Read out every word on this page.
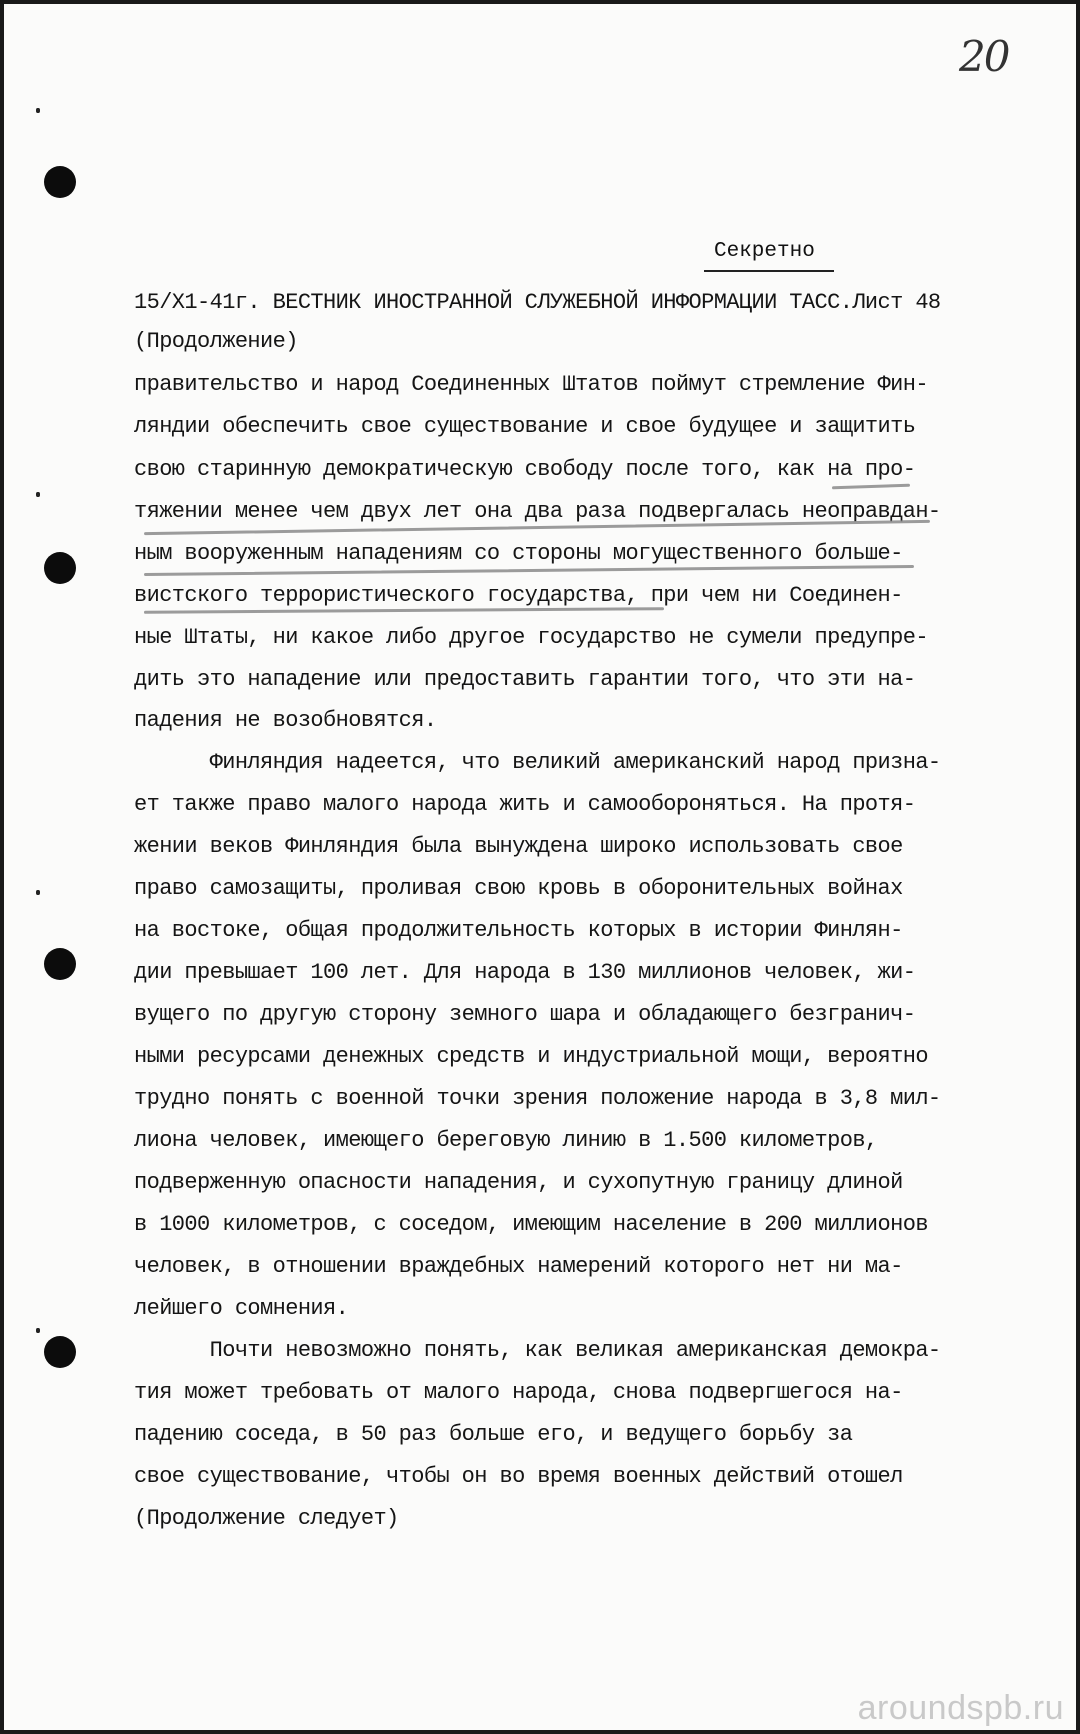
20
Секретно
15/Х1-41г. ВЕСТНИК ИНОСТРАННОЙ СЛУЖЕБНОЙ ИНФОРМАЦИИ ТАСС.Лист 48
(Продолжение)
правительство и народ Соединенных Штатов поймут стремление Фин-
ляндии обеспечить свое существование и свое будущее и защитить
свою старинную демократическую свободу после того, как на про-
тяжении менее чем двух лет она два раза подвергалась неоправдан-
ным вооруженным нападениям со стороны могущественного больше-
вистского террористического государства, при чем ни Соединен-
ные Штаты, ни какое либо другое государство не сумели предупре-
дить это нападение или предоставить гарантии того, что эти на-
падения не возобновятся.
Финляндия надеется, что великий американский народ призна-
ет также право малого народа жить и самообороняться. На протя-
жении веков Финляндия была вынуждена широко использовать свое
право самозащиты, проливая свою кровь в оборонительных войнах
на востоке, общая продолжительность которых в истории Финлян-
дии превышает 100 лет. Для народа в 130 миллионов человек, жи-
вущего по другую сторону земного шара и обладающего безгранич-
ными ресурсами денежных средств и индустриальной мощи, вероятно
трудно понять с военной точки зрения положение народа в 3,8 мил-
лиона человек, имеющего береговую линию в 1.500 километров,
подверженную опасности нападения, и сухопутную границу длиной
в 1000 километров, с соседом, имеющим население в 200 миллионов
человек, в отношении враждебных намерений которого нет ни ма-
лейшего сомнения.
Почти невозможно понять, как великая американская демокра-
тия может требовать от малого народа, снова подвергшегося на-
падению соседа, в 50 раз больше его, и ведущего борьбу за
свое существование, чтобы он во время военных действий отошел
(Продолжение следует)
aroundspb.ru
